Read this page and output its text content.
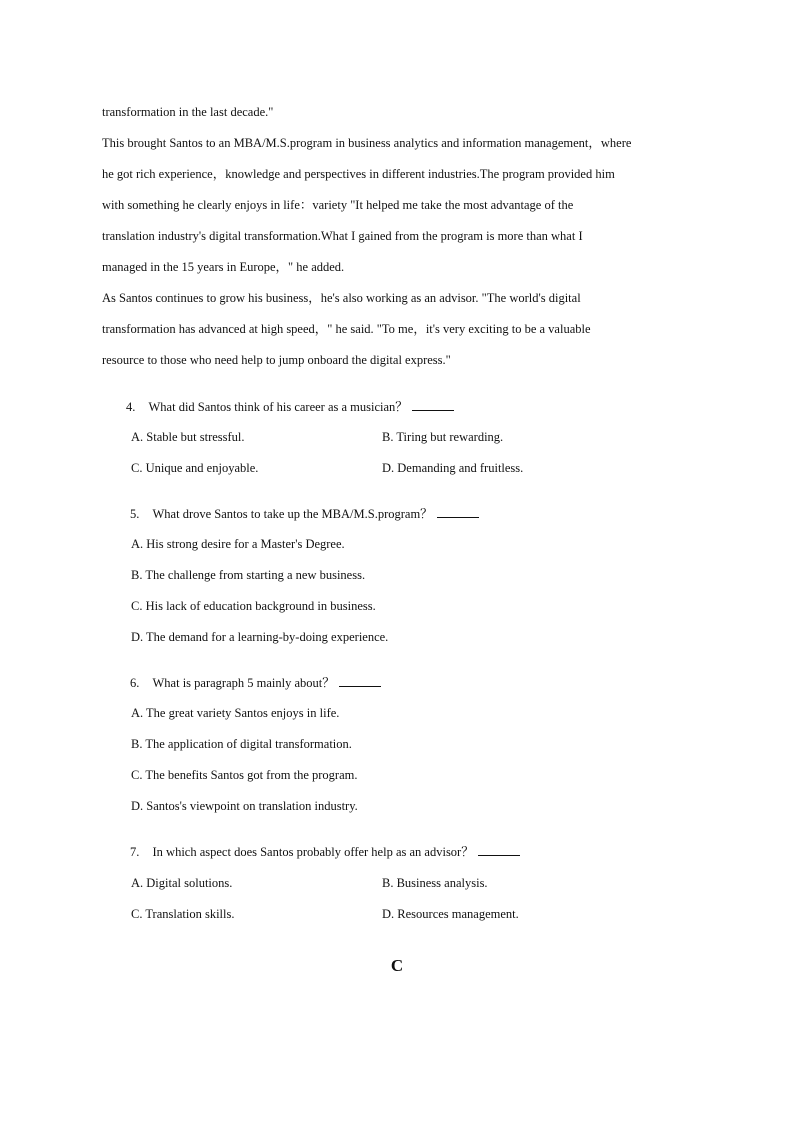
transformation in the last decade."
This brought Santos to an MBA/M.S.program in business analytics and information management，where
he got rich experience，knowledge and perspectives in different industries.The program provided him
with something he clearly enjoys in life：variety "It helped me take the most advantage of the
translation industry's digital transformation.What I gained from the program is more than what I
managed in the 15 years in Europe，" he added.
As Santos continues to grow his business，he's also working as an advisor. "The world's digital
transformation has advanced at high speed，" he said. "To me，it's very exciting to be a valuable
resource to those who need help to jump onboard the digital express."
4. What did Santos think of his career as a musician？
A. Stable but stressful.	B. Tiring but rewarding.
C. Unique and enjoyable.	D. Demanding and fruitless.
5. What drove Santos to take up the MBA/M.S.program？
A. His strong desire for a Master's Degree.
B. The challenge from starting a new business.
C. His lack of education background in business.
D. The demand for a learning-by-doing experience.
6. What is paragraph 5 mainly about？
A. The great variety Santos enjoys in life.
B. The application of digital transformation.
C. The benefits Santos got from the program.
D. Santos's viewpoint on translation industry.
7. In which aspect does Santos probably offer help as an advisor？
A. Digital solutions.	B. Business analysis.
C. Translation skills.	D. Resources management.
C
